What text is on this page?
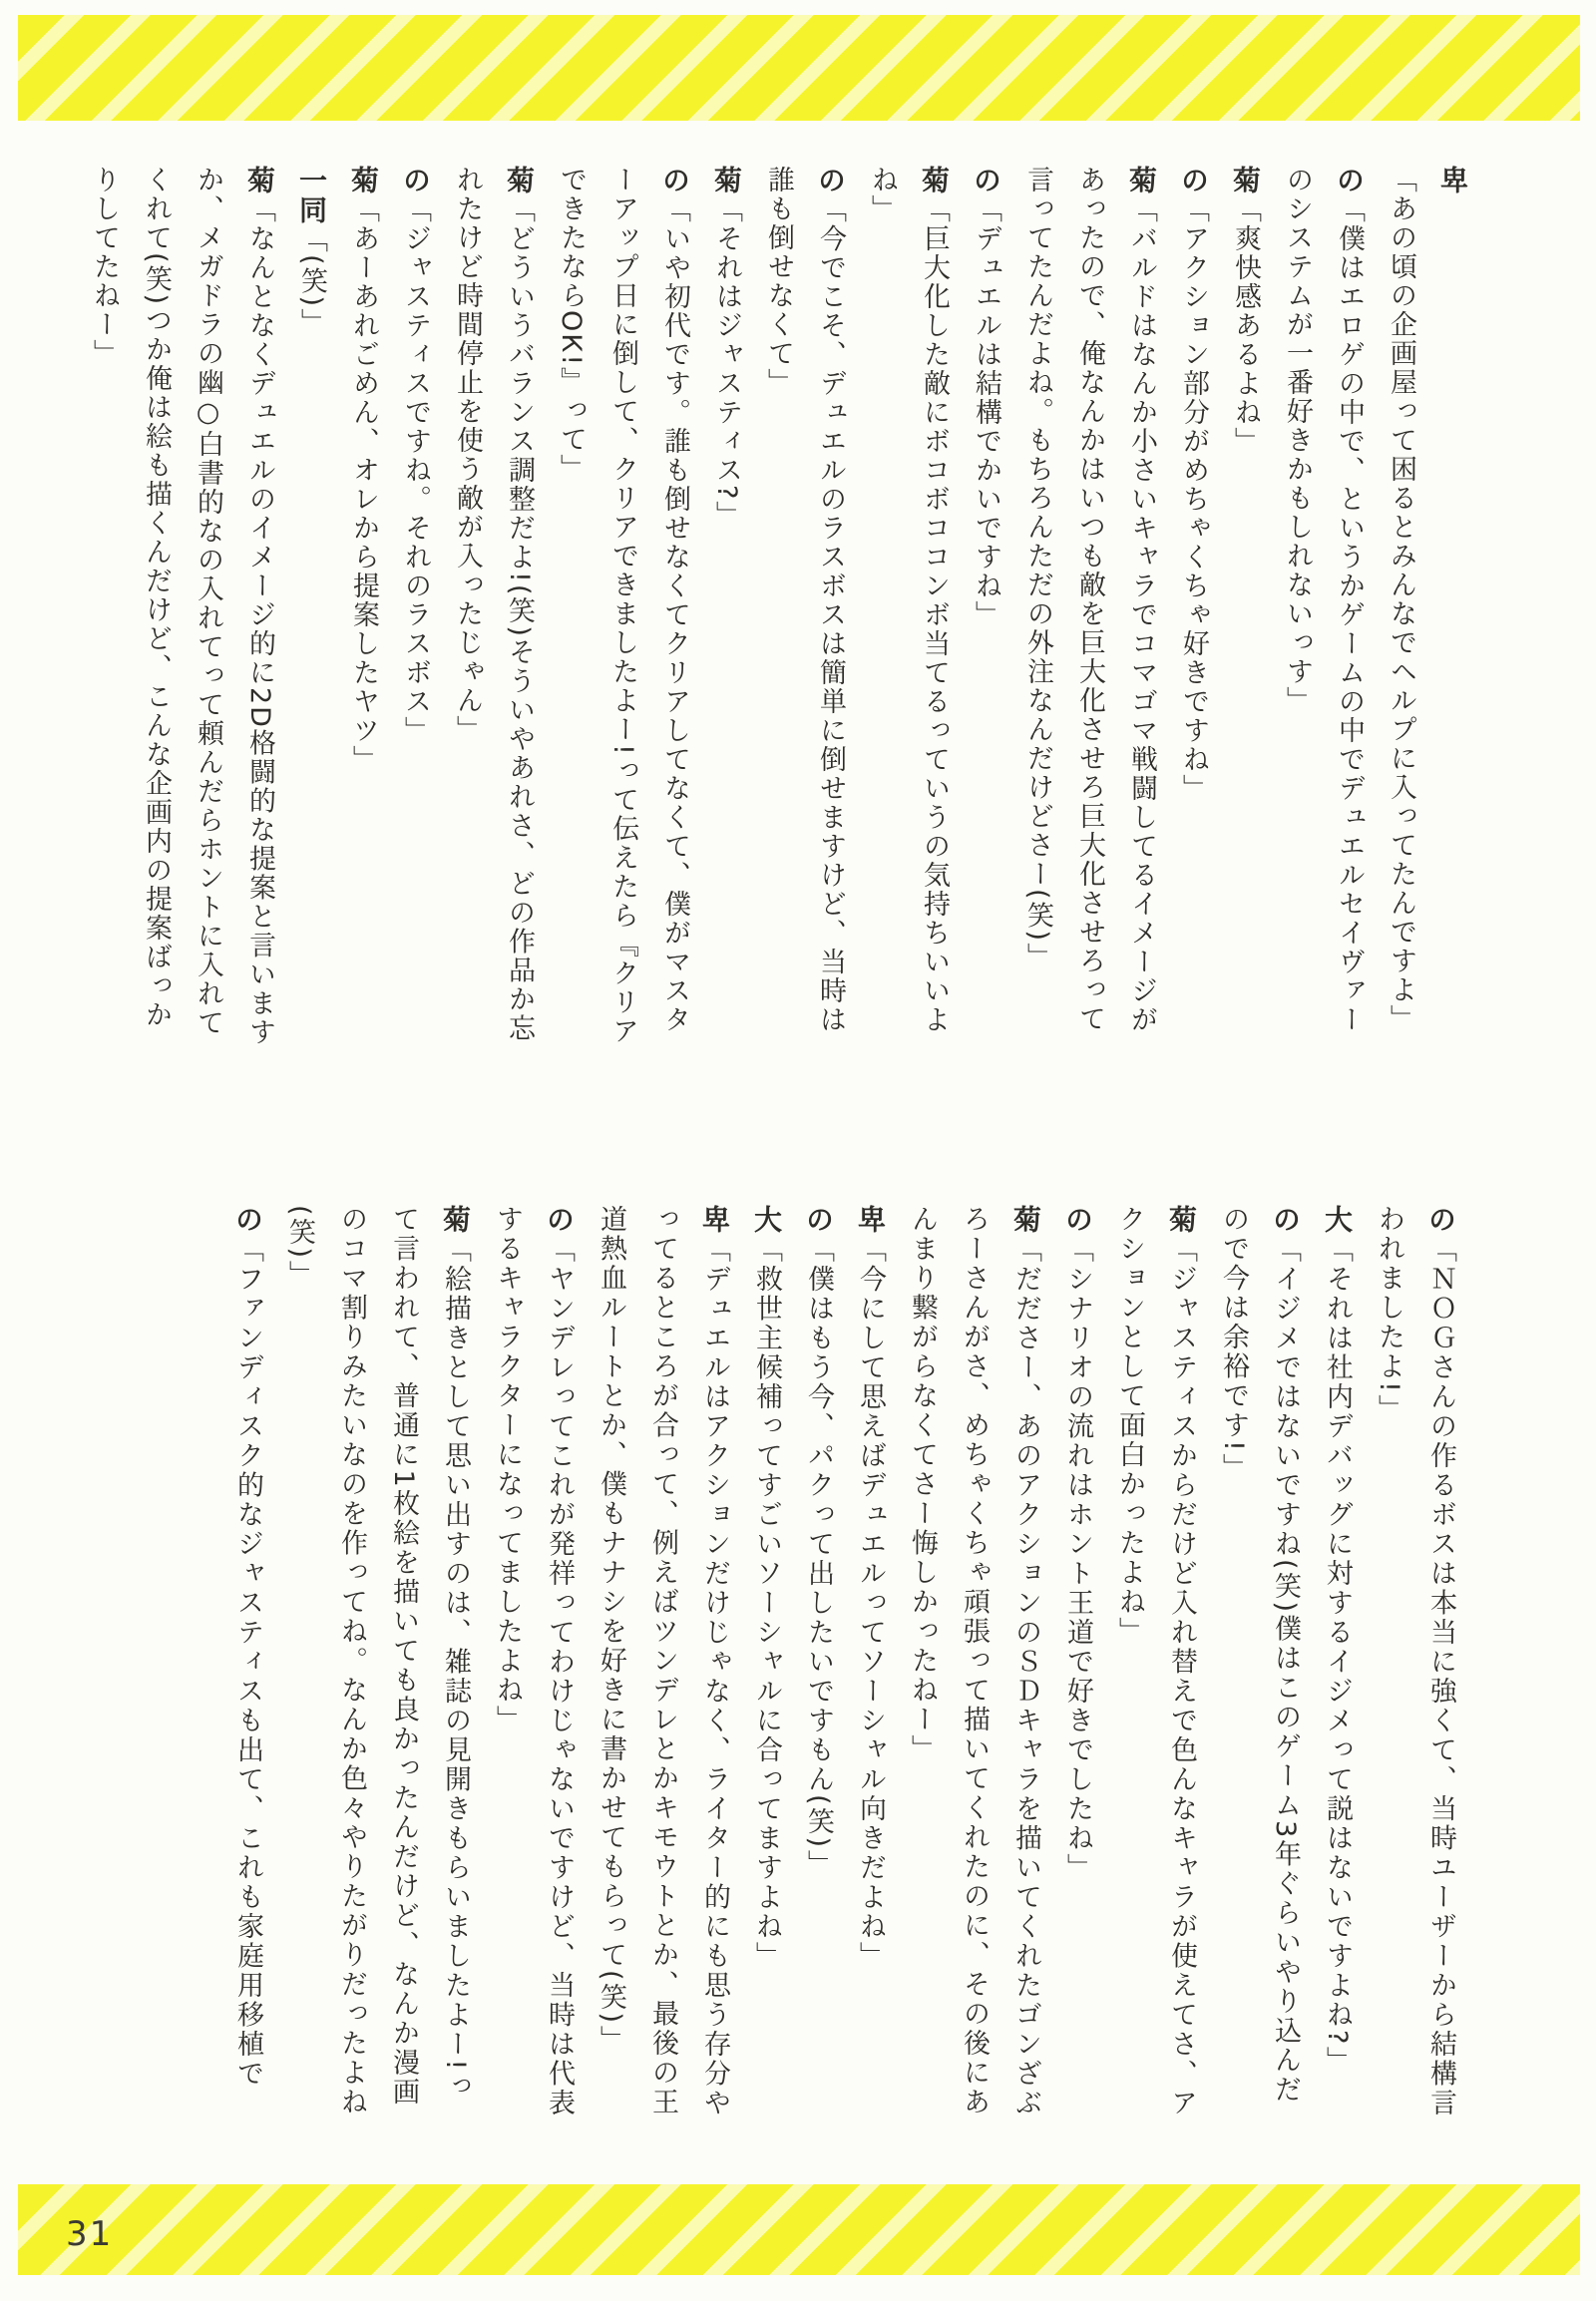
卑「あの頃の企画屋って困るとみんなでヘルプに入ってたんですよ」

の「僕はエロゲの中で、というかゲームの中でデュエルセイヴァーのシステムが一番好きかもしれないっす」

菊「爽快感あるよね」

の「アクション部分がめちゃくちゃ好きですね」

菊「バルドはなんか小さいキャラでコマゴマ戦闘してるイメージがあったので、俺なんかはいつも敵を巨大化させろ巨大化させろって言ってたんだよね。もちろんただの外注なんだけどさー(笑)」

の「デュエルは結構でかいですね」

菊「巨大化した敵にボコボココンボ当てるっていうの気持ちいいよね」

の「今でこそ、デュエルのラスボスは簡単に倒せますけど、当時は誰も倒せなくて」

菊「それはジャスティス?」

の「いや初代です。誰も倒せなくてクリアしてなくて、僕がマスターアップ日に倒して、クリアできましたよー!って伝えたら『クリアできたならОК!』って」

菊「どういうバランス調整だよ!(笑)そういやあれさ、どの作品か忘れたけど時間停止を使う敵が入ったじゃん」

の「ジャスティスですね。それのラスボス」

菊「あーあれごめん、オレから提案したヤツ」

一同「(笑)」

菊「なんとなくデュエルのイメージ的に2D格闘的な提案と言いますか、メガドラの幽○白書的なの入れてって頼んだらホントに入れてくれて(笑)つか俺は絵も描くんだけど、こんな企画内の提案ばっかりしてたねー」

の「ＮＯＧさんの作るボスは本当に強くて、当時ユーザーから結構言われましたよ!」

大「それは社内デバッグに対するイジメって説はないですよね?」

の「イジメではないですね(笑)僕はこのゲーム3年ぐらいやり込んだので今は余裕です!」

菊「ジャスティスからだけど入れ替えで色んなキャラが使えてさ、アクションとして面白かったよね」

の「シナリオの流れはホント王道で好きでしたね」

菊「だださー、あのアクションのＳＤキャラを描いてくれたゴンざぶろーさんがさ、めちゃくちゃ頑張って描いてくれたのに、その後にあんまり繋がらなくてさー悔しかったねー」

卑「今にして思えばデュエルってソーシャル向きだよね」

の「僕はもう今、パクって出したいですもん(笑)」

大「救世主候補ってすごいソーシャルに合ってますよね」

卑「デュエルはアクションだけじゃなく、ライター的にも思う存分やってるところが合って、例えばツンデレとかキモウトとか、最後の王道熱血ルートとか、僕もナナシを好きに書かせてもらって(笑)」

の「ヤンデレってこれが発祥ってわけじゃないですけど、当時は代表するキャラクターになってましたよね」

菊「絵描きとして思い出すのは、雑誌の見開きもらいましたよー!って言われて、普通に1枚絵を描いても良かったんだけど、なんか漫画のコマ割りみたいなのを作ってね。なんか色々やりたがりだったよね(笑)」

の「ファンディスク的なジャスティスも出て、これも家庭用移植で

31
